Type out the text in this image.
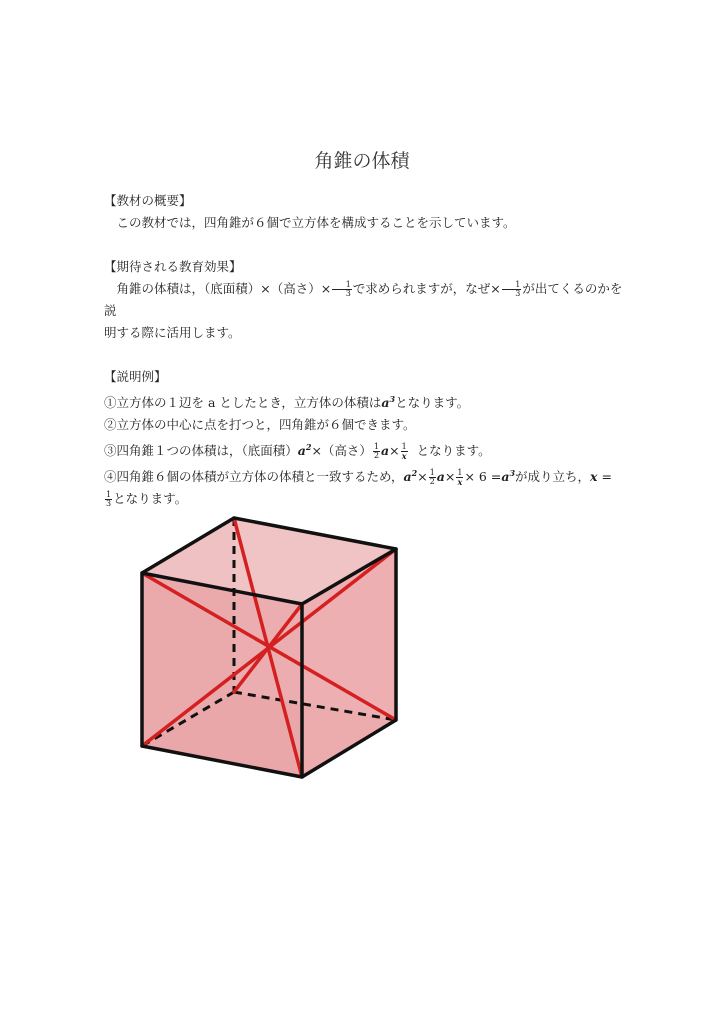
角錐の体積

【教材の概要】

この教材では，四角錐が６個で立方体を構成することを示しています。

【期待される教育効果】

角錐の体積は，（底面積）×（高さ）× $\frac{1}{3}$ で求められますが，なぜ× $\frac{1}{3}$ が出てくるのかを説

明する際に活用します。

【説明例】

①立方体の１辺を a としたとき，立方体の体積は$a^3$となります。

②立方体の中心に点を打つと，四角錐が６個できます。

③四角錐１つの体積は，（底面積）$a^2\times$（高さ） $\frac{1}{2} a\times \frac{1}{x}$ となります。

④四角錐６個の体積が立方体の体積と一致するため，$a^2\times \frac{1}{2} a\times \frac{1}{x} \times 6 =a^3$が成り立ち，x =

$\frac{1}{3}$ となります。
